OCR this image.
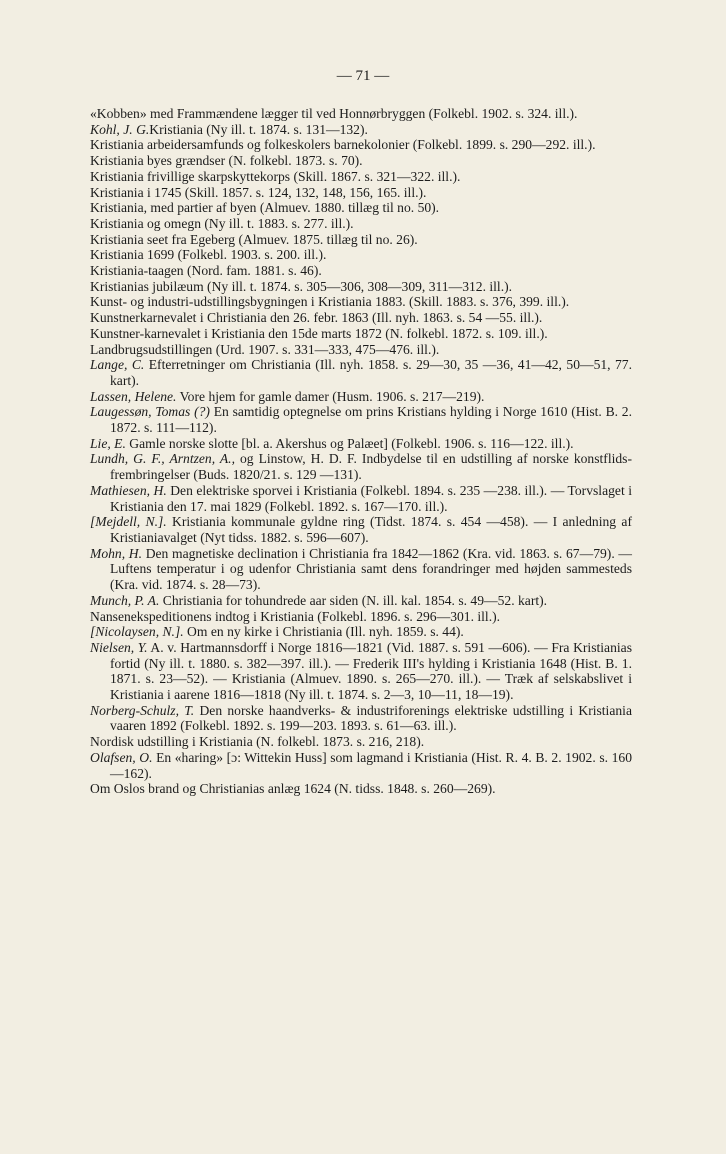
— 71 —

«Kobben» med Frammændene lægger til ved Honnørbryggen (Folkebl. 1902. s. 324. ill.).

Kohl, J. G.Kristiania (Ny ill. t. 1874. s. 131—132).

Kristiania arbeidersamfunds og folkeskolers barnekolonier (Folkebl. 1899. s. 290—292. ill.).

Kristiania byes grændser (N. folkebl. 1873. s. 70).

Kristiania frivillige skarpskyttekorps (Skill. 1867. s. 321—322. ill.).

Kristiania i 1745 (Skill. 1857. s. 124, 132, 148, 156, 165. ill.).

Kristiania, med partier af byen (Almuev. 1880. tillæg til no. 50).

Kristiania og omegn (Ny ill. t. 1883. s. 277. ill.).

Kristiania seet fra Egeberg (Almuev. 1875. tillæg til no. 26).

Kristiania 1699 (Folkebl. 1903. s. 200. ill.).

Kristiania-taagen (Nord. fam. 1881. s. 46).

Kristianias jubilæum (Ny ill. t. 1874. s. 305—306, 308—309, 311—312. ill.).

Kunst- og industri-udstillingsbygningen i Kristiania 1883. (Skill. 1883. s. 376, 399. ill.).

Kunstnerkarnevalet i Christiania den 26. febr. 1863 (Ill. nyh. 1863. s. 54 —55. ill.).

Kunstner-karnevalet i Kristiania den 15de marts 1872 (N. folkebl. 1872. s. 109. ill.).

Landbrugsudstillingen (Urd. 1907. s. 331—333, 475—476. ill.).

Lange, C. Efterretninger om Christiania (Ill. nyh. 1858. s. 29—30, 35 —36, 41—42, 50—51, 77. kart).

Lassen, Helene. Vore hjem for gamle damer (Husm. 1906. s. 217—219).

Laugessøn, Tomas (?) En samtidig optegnelse om prins Kristians hylding i Norge 1610 (Hist. B. 2. 1872. s. 111—112).

Lie, E. Gamle norske slotte [bl. a. Akershus og Palæet] (Folkebl. 1906. s. 116—122. ill.).

Lundh, G. F., Arntzen, A., og Linstow, H. D. F. Indbydelse til en udstilling af norske konstflids-frembringelser (Buds. 1820/21. s. 129 —131).

Mathiesen, H. Den elektriske sporvei i Kristiania (Folkebl. 1894. s. 235 —238. ill.). — Torvslaget i Kristiania den 17. mai 1829 (Folkebl. 1892. s. 167—170. ill.).

[Mejdell, N.]. Kristiania kommunale gyldne ring (Tidst. 1874. s. 454 —458). — I anledning af Kristianiavalget (Nyt tidss. 1882. s. 596—607).

Mohn, H. Den magnetiske declination i Christiania fra 1842—1862 (Kra. vid. 1863. s. 67—79). — Luftens temperatur i og udenfor Christiania samt dens forandringer med højden sammesteds (Kra. vid. 1874. s. 28—73).

Munch, P. A. Christiania for tohundrede aar siden (N. ill. kal. 1854. s. 49—52. kart).

Nansenekspeditionens indtog i Kristiania (Folkebl. 1896. s. 296—301. ill.).

[Nicolaysen, N.]. Om en ny kirke i Christiania (Ill. nyh. 1859. s. 44).

Nielsen, Y. A. v. Hartmannsdorff i Norge 1816—1821 (Vid. 1887. s. 591 —606). — Fra Kristianias fortid (Ny ill. t. 1880. s. 382—397. ill.). — Frederik III's hylding i Kristiania 1648 (Hist. B. 1. 1871. s. 23—52). — Kristiania (Almuev. 1890. s. 265—270. ill.). — Træk af selskabslivet i Kristiania i aarene 1816—1818 (Ny ill. t. 1874. s. 2—3, 10—11, 18—19).

Norberg-Schulz, T. Den norske haandverks- & industriforenings elektriske udstilling i Kristiania vaaren 1892 (Folkebl. 1892. s. 199—203. 1893. s. 61—63. ill.).

Nordisk udstilling i Kristiania (N. folkebl. 1873. s. 216, 218).

Olafsen, O. En «haring» [ɔ: Wittekin Huss] som lagmand i Kristiania (Hist. R. 4. B. 2. 1902. s. 160—162).

Om Oslos brand og Christianias anlæg 1624 (N. tidss. 1848. s. 260—269).
